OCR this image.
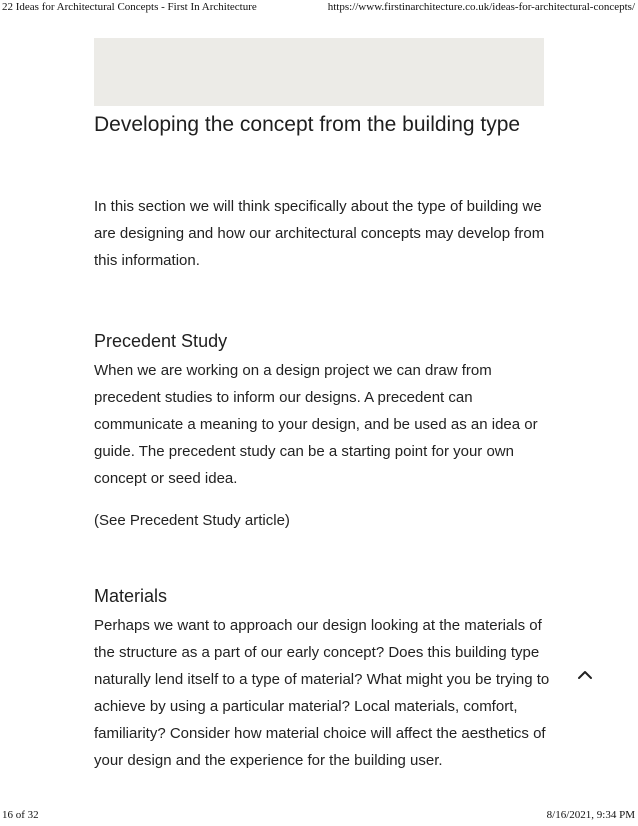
22 Ideas for Architectural Concepts - First In Architecture	https://www.firstinarchitecture.co.uk/ideas-for-architectural-concepts/
Developing the concept from the building type

In this section we will think specifically about the type of building we are designing and how our architectural concepts may develop from this information.

Precedent Study

When we are working on a design project we can draw from precedent studies to inform our designs. A precedent can communicate a meaning to your design, and be used as an idea or guide. The precedent study can be a starting point for your own concept or seed idea.

(See Precedent Study article)

Materials

Perhaps we want to approach our design looking at the materials of the structure as a part of our early concept? Does this building type naturally lend itself to a type of material? What might you be trying to achieve by using a particular material? Local materials, comfort, familiarity? Consider how material choice will affect the aesthetics of your design and the experience for the building user.

16 of 32	8/16/2021, 9:34 PM
